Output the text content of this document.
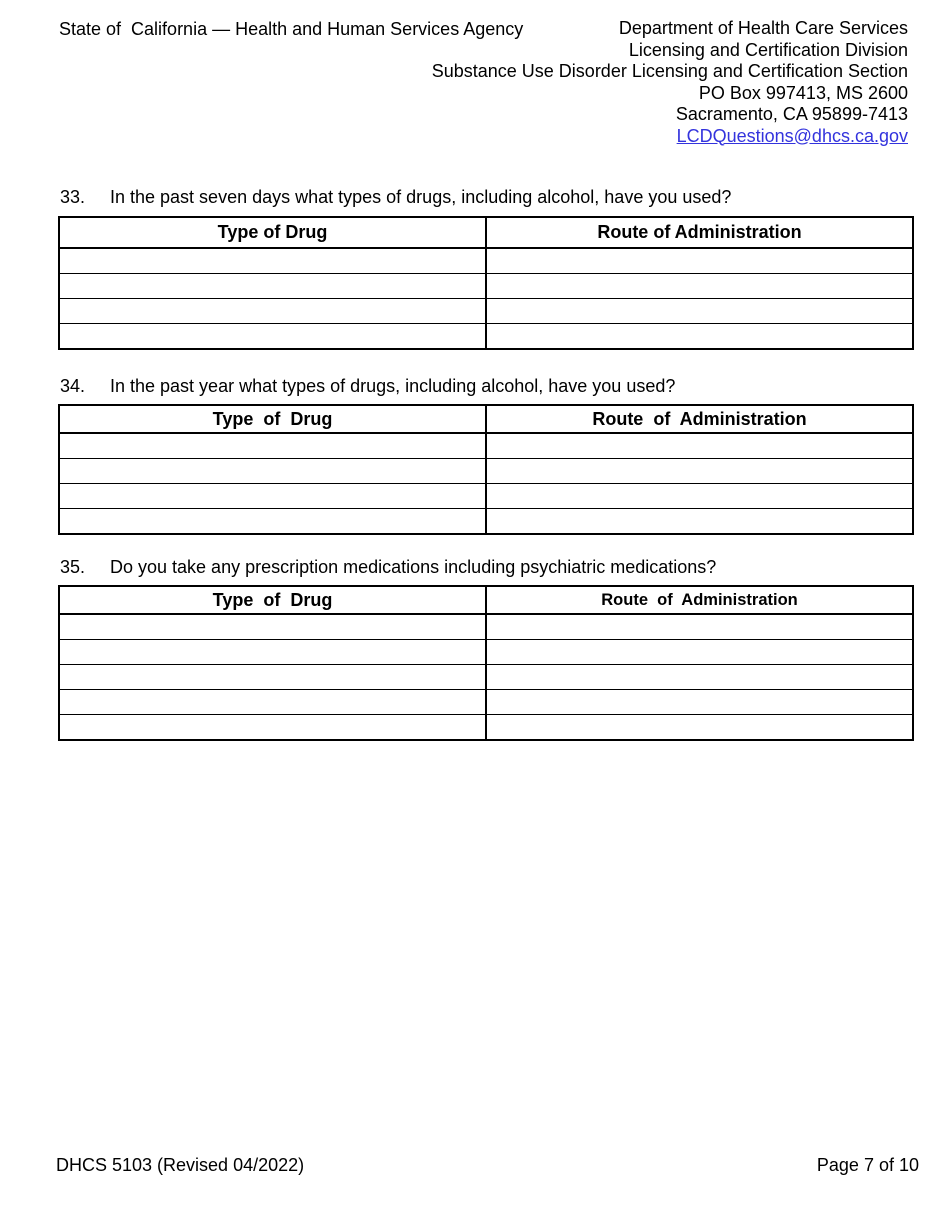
State of  California — Health and Human Services Agency	Department of Health Care Services
Licensing and Certification Division
Substance Use Disorder Licensing and Certification Section
PO Box 997413, MS 2600
Sacramento, CA 95899-7413
LCDQuestions@dhcs.ca.gov
33. In the past seven days what types of drugs, including alcohol, have you used?
Type of Drug	Route of Administration

34. In the past year what types of drugs, including alcohol, have you used?
Type  of  Drug	Route  of  Administration

35. Do you take any prescription medications including psychiatric medications?
Type  of  Drug	Route  of  Administration

DHCS 5103 (Revised 04/2022)	Page 7 of 10
